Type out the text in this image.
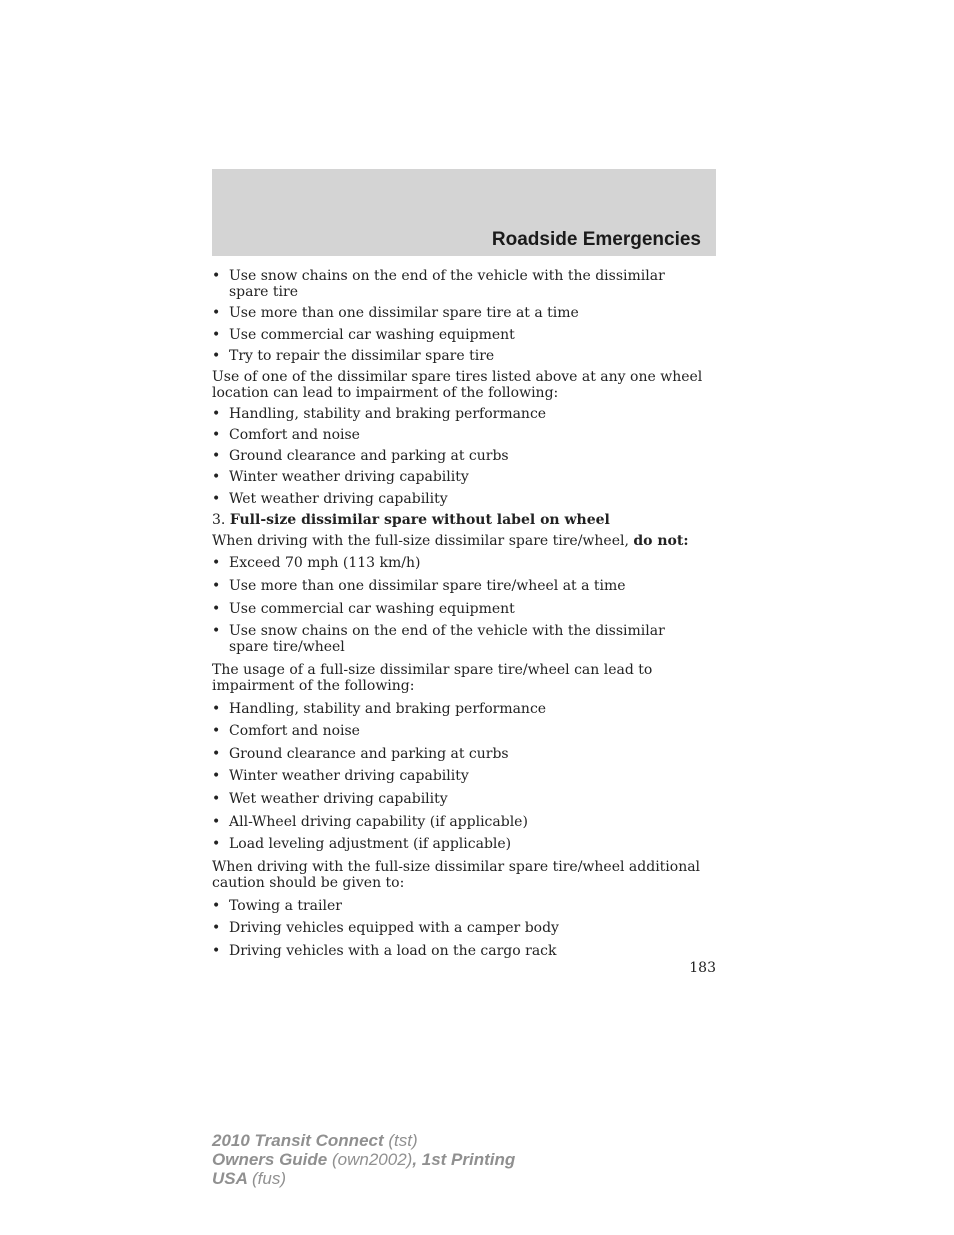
Roadside Emergencies

• Use snow chains on the end of the vehicle with the dissimilar spare tire

• Use more than one dissimilar spare tire at a time

• Use commercial car washing equipment

• Try to repair the dissimilar spare tire

Use of one of the dissimilar spare tires listed above at any one wheel location can lead to impairment of the following:

• Handling, stability and braking performance

• Comfort and noise

• Ground clearance and parking at curbs

• Winter weather driving capability

• Wet weather driving capability

3. Full-size dissimilar spare without label on wheel

When driving with the full-size dissimilar spare tire/wheel, do not:

• Exceed 70 mph (113 km/h)

• Use more than one dissimilar spare tire/wheel at a time

• Use commercial car washing equipment

• Use snow chains on the end of the vehicle with the dissimilar spare tire/wheel

The usage of a full-size dissimilar spare tire/wheel can lead to impairment of the following:

• Handling, stability and braking performance

• Comfort and noise

• Ground clearance and parking at curbs

• Winter weather driving capability

• Wet weather driving capability

• All-Wheel driving capability (if applicable)

• Load leveling adjustment (if applicable)

When driving with the full-size dissimilar spare tire/wheel additional caution should be given to:

• Towing a trailer

• Driving vehicles equipped with a camper body

• Driving vehicles with a load on the cargo rack

183
2010 Transit Connect (tst)
Owners Guide (own2002), 1st Printing
USA (fus)
